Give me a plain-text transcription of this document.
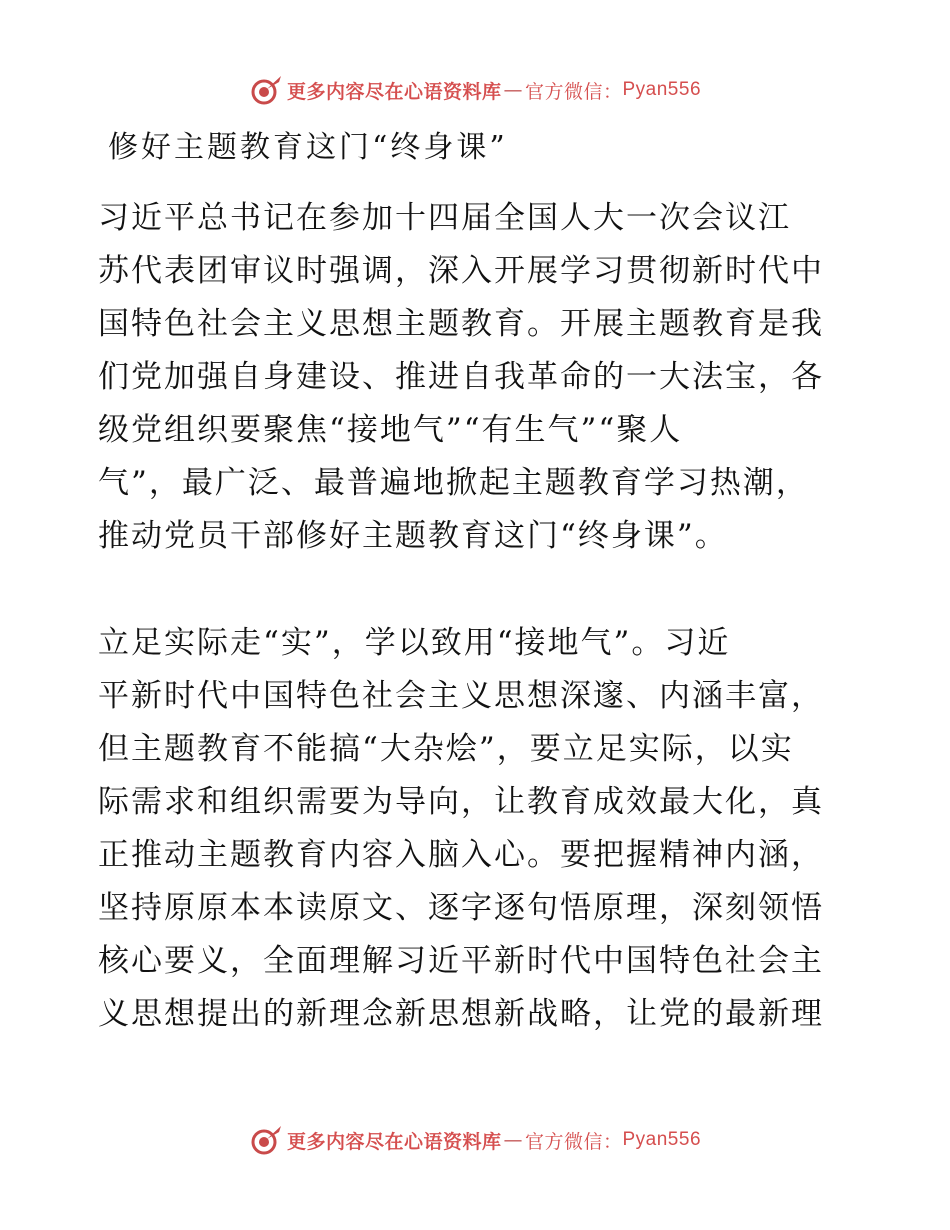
更多内容尽在心语资料库 — 官方微信： Pyan556
修好主题教育这门“终身课”
习近平总书记在参加十四届全国人大一次会议江
苏代表团审议时强调，深入开展学习贯彻新时代中
国特色社会主义思想主题教育。开展主题教育是我
们党加强自身建设、推进自我革命的一大法宝，各
级党组织要聚焦“接地气”“有生气”“聚人
气”，最广泛、最普遍地掀起主题教育学习热潮，
推动党员干部修好主题教育这门“终身课”。
立足实际走“实”，学以致用“接地气”。习近
平新时代中国特色社会主义思想深邃、内涵丰富，
但主题教育不能搞“大杂烩”，要立足实际，以实
际需求和组织需要为导向，让教育成效最大化，真
正推动主题教育内容入脑入心。要把握精神内涵，
坚持原原本本读原文、逐字逐句悟原理，深刻领悟
核心要义，全面理解习近平新时代中国特色社会主
义思想提出的新理念新思想新战略，让党的最新理
更多内容尽在心语资料库 — 官方微信： Pyan556
